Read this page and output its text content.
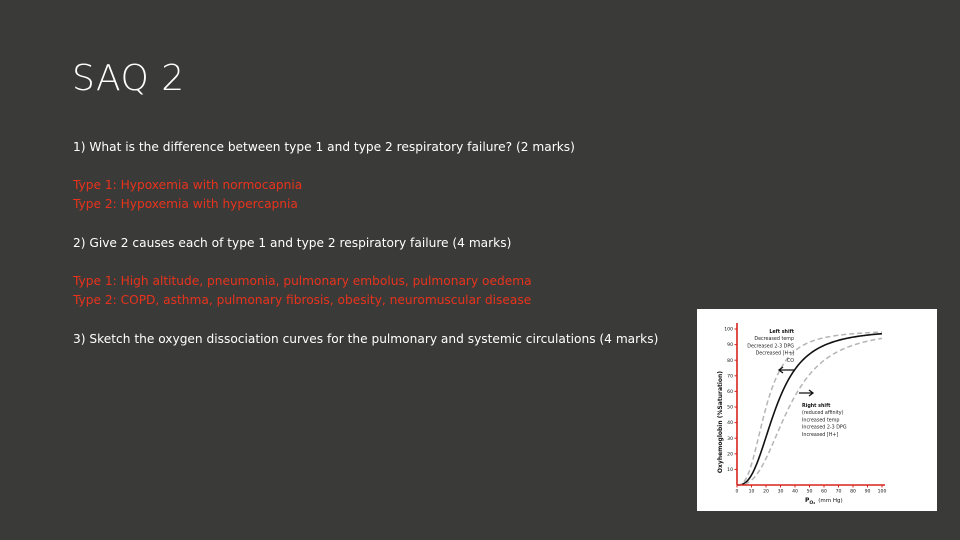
SAQ 2
1) What is the difference between type 1 and type 2 respiratory failure? (2 marks)
Type 1: Hypoxemia with normocapnia
Type 2: Hypoxemia with hypercapnia
2) Give 2 causes each of type 1 and type 2 respiratory failure (4 marks)
Type 1: High altitude, pneumonia, pulmonary embolus, pulmonary oedema
Type 2: COPD, asthma, pulmonary fibrosis, obesity, neuromuscular disease
3) Sketch the oxygen dissociation curves for the pulmonary and systemic circulations (4 marks)
10
20
30
40
50
60
70
80
90
100
0 10 20 30 40 50 60 70 80 90 100
Oxyhemoglobin (%Saturation)
$P_{O_2}$ (mm Hg)
Left shift
Decreased temp
Decreased 2-3 DPG
Decreased [H+]
CO
Right shift
(reduced affinity)
Increased temp
Increased 2-3 DPG
Increased [H+]
